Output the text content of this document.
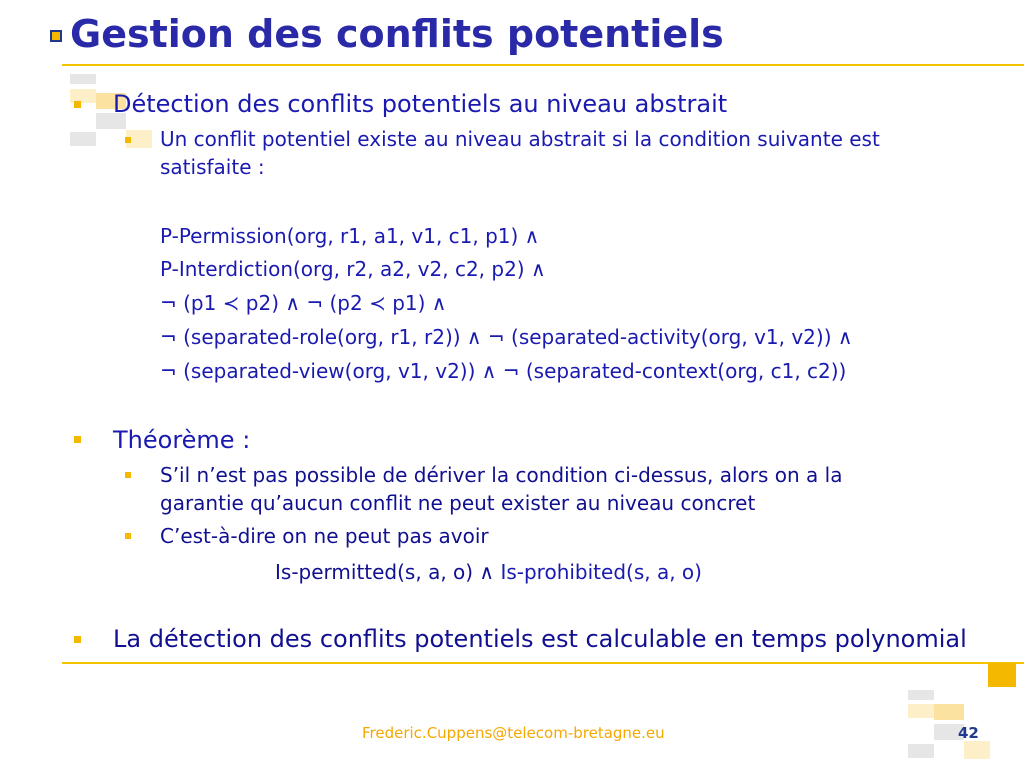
Gestion des conflits potentiels
Détection des conflits potentiels au niveau abstrait
Un conflit potentiel existe au niveau abstrait si la condition suivante est
satisfaite :
P-Permission(org, r1, a1, v1, c1, p1) ∧
P-Interdiction(org, r2, a2, v2, c2, p2) ∧
¬ (p1 ≺ p2) ∧ ¬ (p2 ≺ p1) ∧
¬ (separated-role(org, r1, r2)) ∧ ¬ (separated-activity(org, v1, v2)) ∧
¬ (separated-view(org, v1, v2)) ∧ ¬ (separated-context(org, c1, c2))
Théorème :
S’il n’est pas possible de dériver la condition ci-dessus, alors on a la
garantie qu’aucun conflit ne peut exister au niveau concret
C’est-à-dire on ne peut pas avoir
Is-permitted(s, a, o) ∧ Is-prohibited(s, a, o)
La détection des conflits potentiels est calculable en temps polynomial
Frederic.Cuppens@telecom-bretagne.eu	42
